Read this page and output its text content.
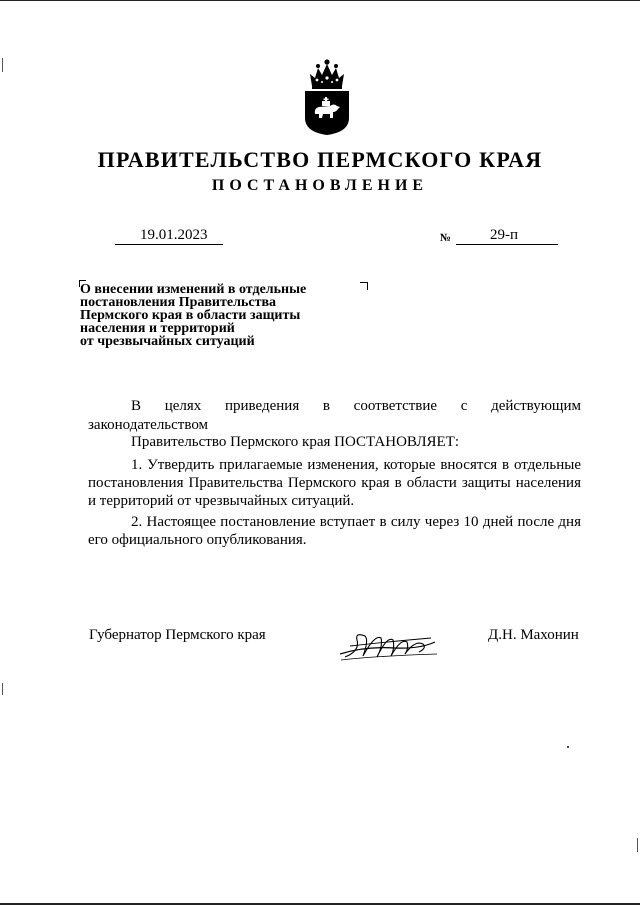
ПРАВИТЕЛЬСТВО ПЕРМСКОГО КРАЯ
ПОСТАНОВЛЕНИЕ
19.01.2023	№	29-п
О внесении изменений в отдельные
постановления Правительства
Пермского края в области защиты
населения и территорий
от чрезвычайных ситуаций
В целях приведения в соответствие с действующим
законодательством
Правительство Пермского края ПОСТАНОВЛЯЕТ:
1. Утвердить прилагаемые изменения, которые вносятся в отдельные постановления Правительства Пермского края в области защиты населения и территорий от чрезвычайных ситуаций.
2. Настоящее постановление вступает в силу через 10 дней после дня его официального опубликования.
Губернатор Пермского края	Д.Н. Махонин
